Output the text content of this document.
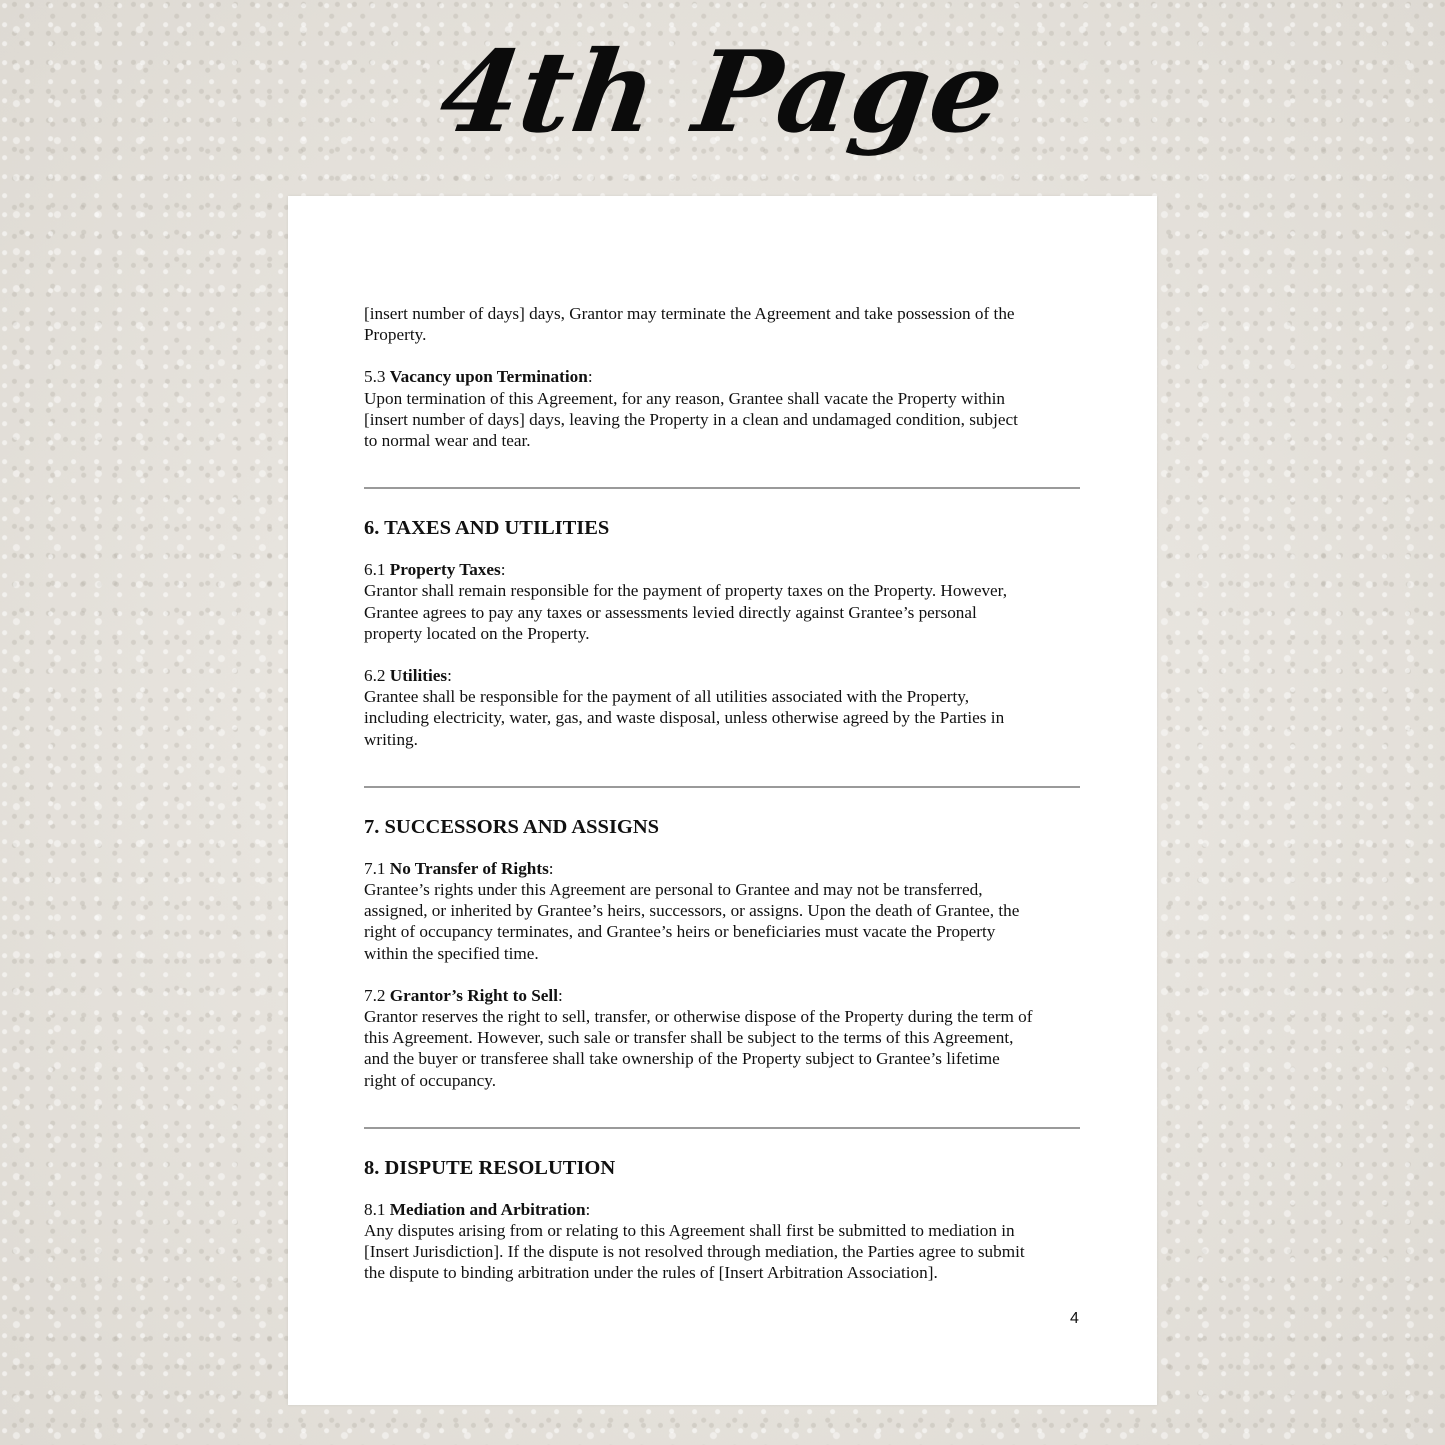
4th Page

[insert number of days] days, Grantor may terminate the Agreement and take possession of the

Property.

5.3 Vacancy upon Termination:

Upon termination of this Agreement, for any reason, Grantee shall vacate the Property within

[insert number of days] days, leaving the Property in a clean and undamaged condition, subject

to normal wear and tear.

6. TAXES AND UTILITIES

6.1 Property Taxes:

Grantor shall remain responsible for the payment of property taxes on the Property. However,

Grantee agrees to pay any taxes or assessments levied directly against Grantee’s personal

property located on the Property.

6.2 Utilities:

Grantee shall be responsible for the payment of all utilities associated with the Property,

including electricity, water, gas, and waste disposal, unless otherwise agreed by the Parties in

writing.

7. SUCCESSORS AND ASSIGNS

7.1 No Transfer of Rights:

Grantee’s rights under this Agreement are personal to Grantee and may not be transferred,

assigned, or inherited by Grantee’s heirs, successors, or assigns. Upon the death of Grantee, the

right of occupancy terminates, and Grantee’s heirs or beneficiaries must vacate the Property

within the specified time.

7.2 Grantor’s Right to Sell:

Grantor reserves the right to sell, transfer, or otherwise dispose of the Property during the term of

this Agreement. However, such sale or transfer shall be subject to the terms of this Agreement,

and the buyer or transferee shall take ownership of the Property subject to Grantee’s lifetime

right of occupancy.

8. DISPUTE RESOLUTION

8.1 Mediation and Arbitration:

Any disputes arising from or relating to this Agreement shall first be submitted to mediation in

[Insert Jurisdiction]. If the dispute is not resolved through mediation, the Parties agree to submit

the dispute to binding arbitration under the rules of [Insert Arbitration Association].

4
